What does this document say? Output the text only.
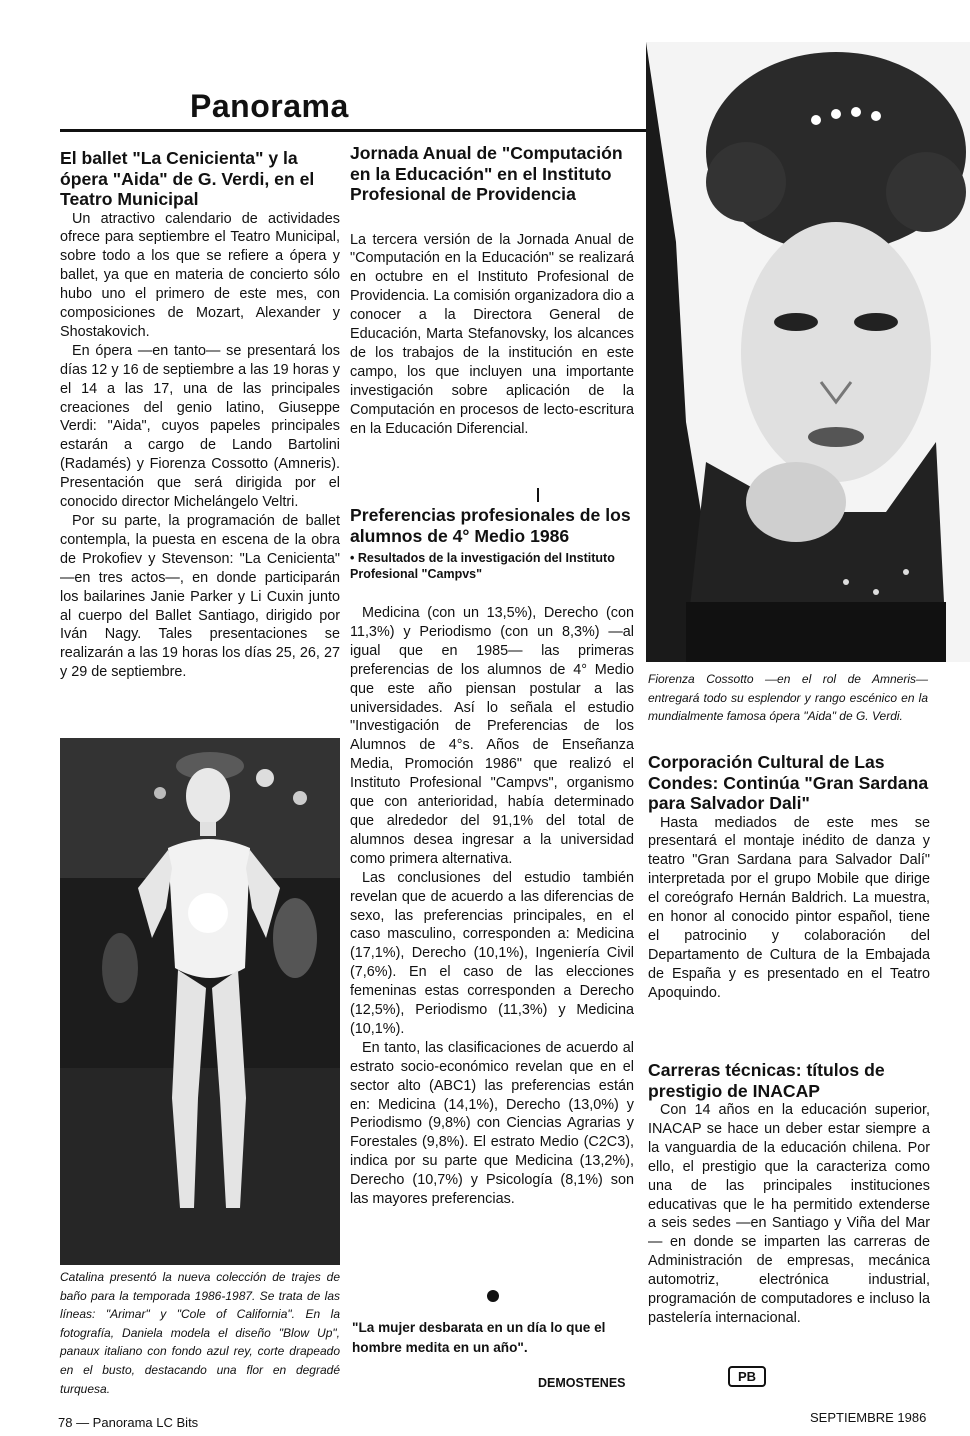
Panorama
El ballet "La Cenicienta" y la ópera "Aida" de G. Verdi, en el Teatro Municipal

Un atractivo calendario de actividades ofrece para septiembre el Teatro Municipal, sobre todo a los que se refiere a ópera y ballet, ya que en materia de concierto sólo hubo uno el primero de este mes, con composiciones de Mozart, Alexander y Shostakovich.

En ópera —en tanto— se presentará los días 12 y 16 de septiembre a las 19 horas y el 14 a las 17, una de las principales creaciones del genio latino, Giuseppe Verdi: "Aida", cuyos papeles principales estarán a cargo de Lando Bartolini (Radamés) y Fiorenza Cossotto (Amneris). Presentación que será dirigida por el conocido director Michelángelo Veltri.

Por su parte, la programación de ballet contempla, la puesta en escena de la obra de Prokofiev y Stevenson: "La Cenicienta" —en tres actos—, en donde participarán los bailarines Janie Parker y Li Cuxin junto al cuerpo del Ballet Santiago, dirigido por Iván Nagy. Tales presentaciones se realizarán a las 19 horas los días 25, 26, 27 y 29 de septiembre.

Catalina presentó la nueva colección de trajes de baño para la temporada 1986-1987. Se trata de las líneas: "Arimar" y "Cole of California". En la fotografía, Daniela modela el diseño "Blow Up", panaux italiano con fondo azul rey, corte drapeado en el busto, destacando una flor en degradé turquesa.

Jornada Anual de "Computación en la Educación" en el Instituto Profesional de Providencia

La tercera versión de la Jornada Anual de "Computación en la Educación" se realizará en octubre en el Instituto Profesional de Providencia. La comisión organizadora dio a conocer a la Directora General de Educación, Marta Stefanovsky, los alcances de los trabajos de la institución en este campo, los que incluyen una importante investigación sobre aplicación de la Computación en procesos de lecto-escritura en la Educación Diferencial.

Preferencias profesionales de los alumnos de 4° Medio 1986
• Resultados de la investigación del Instituto Profesional "Campvs"

Medicina (con un 13,5%), Derecho (con 11,3%) y Periodismo (con un 8,3%) —al igual que en 1985— las primeras preferencias de los alumnos de 4° Medio que este año piensan postular a las universidades. Así lo señala el estudio "Investigación de Preferencias de los Alumnos de 4°s. Años de Enseñanza Media, Promoción 1986" que realizó el Instituto Profesional "Campvs", organismo que con anterioridad, había determinado que alrededor del 91,1% del total de alumnos desea ingresar a la universidad como primera alternativa.

Las conclusiones del estudio también revelan que de acuerdo a las diferencias de sexo, las preferencias principales, en el caso masculino, corresponden a: Medicina (17,1%), Derecho (10,1%), Ingeniería Civil (7,6%). En el caso de las elecciones femeninas estas corresponden a Derecho (12,5%), Periodismo (11,3%) y Medicina (10,1%).

En tanto, las clasificaciones de acuerdo al estrato socio-económico revelan que en el sector alto (ABC1) las preferencias están en: Medicina (14,1%), Derecho (13,0%) y Periodismo (9,8%) con Ciencias Agrarias y Forestales (9,8%). El estrato Medio (C2C3), indica por su parte que Medicina (13,2%), Derecho (10,7%) y Psicología (8,1%) son las mayores preferencias.

"La mujer desbarata en un día lo que el hombre medita en un año".

DEMOSTENES

Fiorenza Cossotto —en el rol de Amneris— entregará todo su esplendor y rango escénico en la mundialmente famosa ópera "Aida" de G. Verdi.

Corporación Cultural de Las Condes: Continúa "Gran Sardana para Salvador Dali"

Hasta mediados de este mes se presentará el montaje inédito de danza y teatro "Gran Sardana para Salvador Dalí" interpretada por el grupo Mobile que dirige el coreógrafo Hernán Baldrich. La muestra, en honor al conocido pintor español, tiene el patrocinio y colaboración del Departamento de Cultura de la Embajada de España y es presentado en el Teatro Apoquindo.

Carreras técnicas: títulos de prestigio de INACAP

Con 14 años en la educación superior, INACAP se hace un deber estar siempre a la vanguardia de la educación chilena. Por ello, el prestigio que la caracteriza como una de las principales instituciones educativas que le ha permitido extenderse a seis sedes —en Santiago y Viña del Mar— en donde se imparten las carreras de Administración de empresas, mecánica automotriz, electrónica industrial, programación de computadores e incluso la pastelería internacional.

PB
78 — Panorama LC Bits	SEPTIEMBRE 1986
